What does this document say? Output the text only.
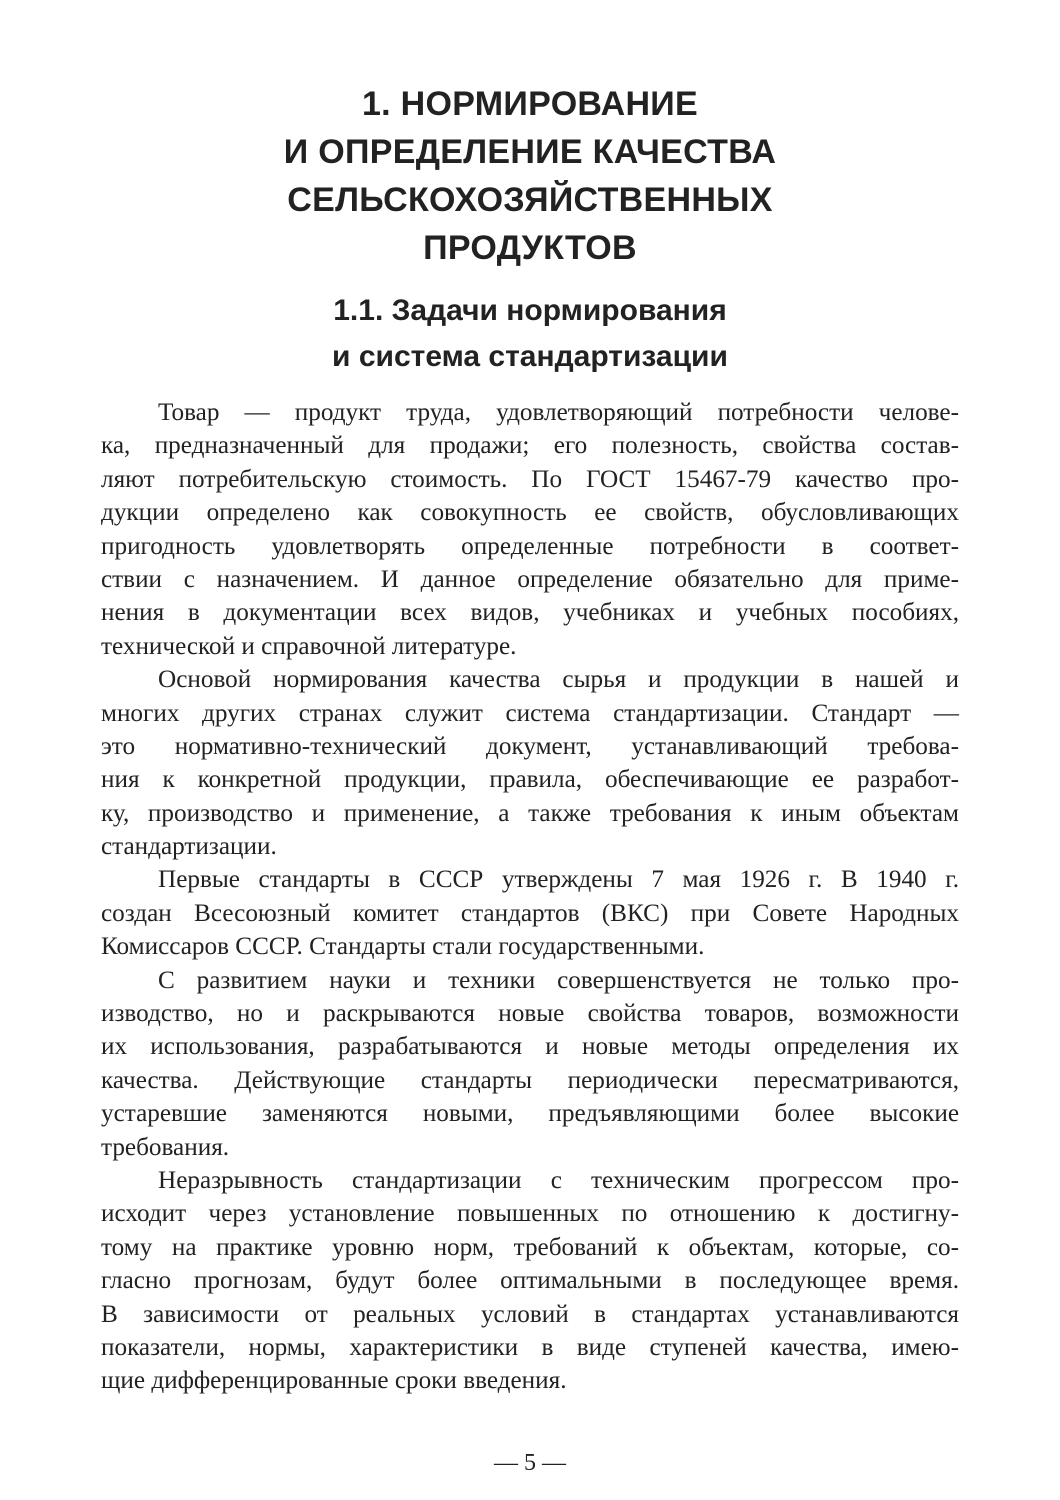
1. НОРМИРОВАНИЕ
И ОПРЕДЕЛЕНИЕ КАЧЕСТВА
СЕЛЬСКОХОЗЯЙСТВЕННЫХ
ПРОДУКТОВ
1.1. Задачи нормирования
и система стандартизации

Товар — продукт труда, удовлетворяющий потребности челове-
ка, предназначенный для продажи; его полезность, свойства состав-
ляют потребительскую стоимость. По ГОСТ 15467-79 качество про-
дукции определено как совокупность ее свойств, обусловливающих
пригодность удовлетворять определенные потребности в соответ-
ствии с назначением. И данное определение обязательно для приме-
нения в документации всех видов, учебниках и учебных пособиях,
технической и справочной литературе.

Основой нормирования качества сырья и продукции в нашей и
многих других странах служит система стандартизации. Стандарт —
это нормативно-технический документ, устанавливающий требова-
ния к конкретной продукции, правила, обеспечивающие ее разработ-
ку, производство и применение, а также требования к иным объектам
стандартизации.

Первые стандарты в СССР утверждены 7 мая 1926 г. В 1940 г.
создан Всесоюзный комитет стандартов (ВКС) при Совете Народных
Комиссаров СССР. Стандарты стали государственными.

С развитием науки и техники совершенствуется не только про-
изводство, но и раскрываются новые свойства товаров, возможности
их использования, разрабатываются и новые методы определения их
качества. Действующие стандарты периодически пересматриваются,
устаревшие заменяются новыми, предъявляющими более высокие
требования.

Неразрывность стандартизации с техническим прогрессом про-
исходит через установление повышенных по отношению к достигну-
тому на практике уровню норм, требований к объектам, которые, со-
гласно прогнозам, будут более оптимальными в последующее время.
В зависимости от реальных условий в стандартах устанавливаются
показатели, нормы, характеристики в виде ступеней качества, имею-
щие дифференцированные сроки введения.

— 5 —
